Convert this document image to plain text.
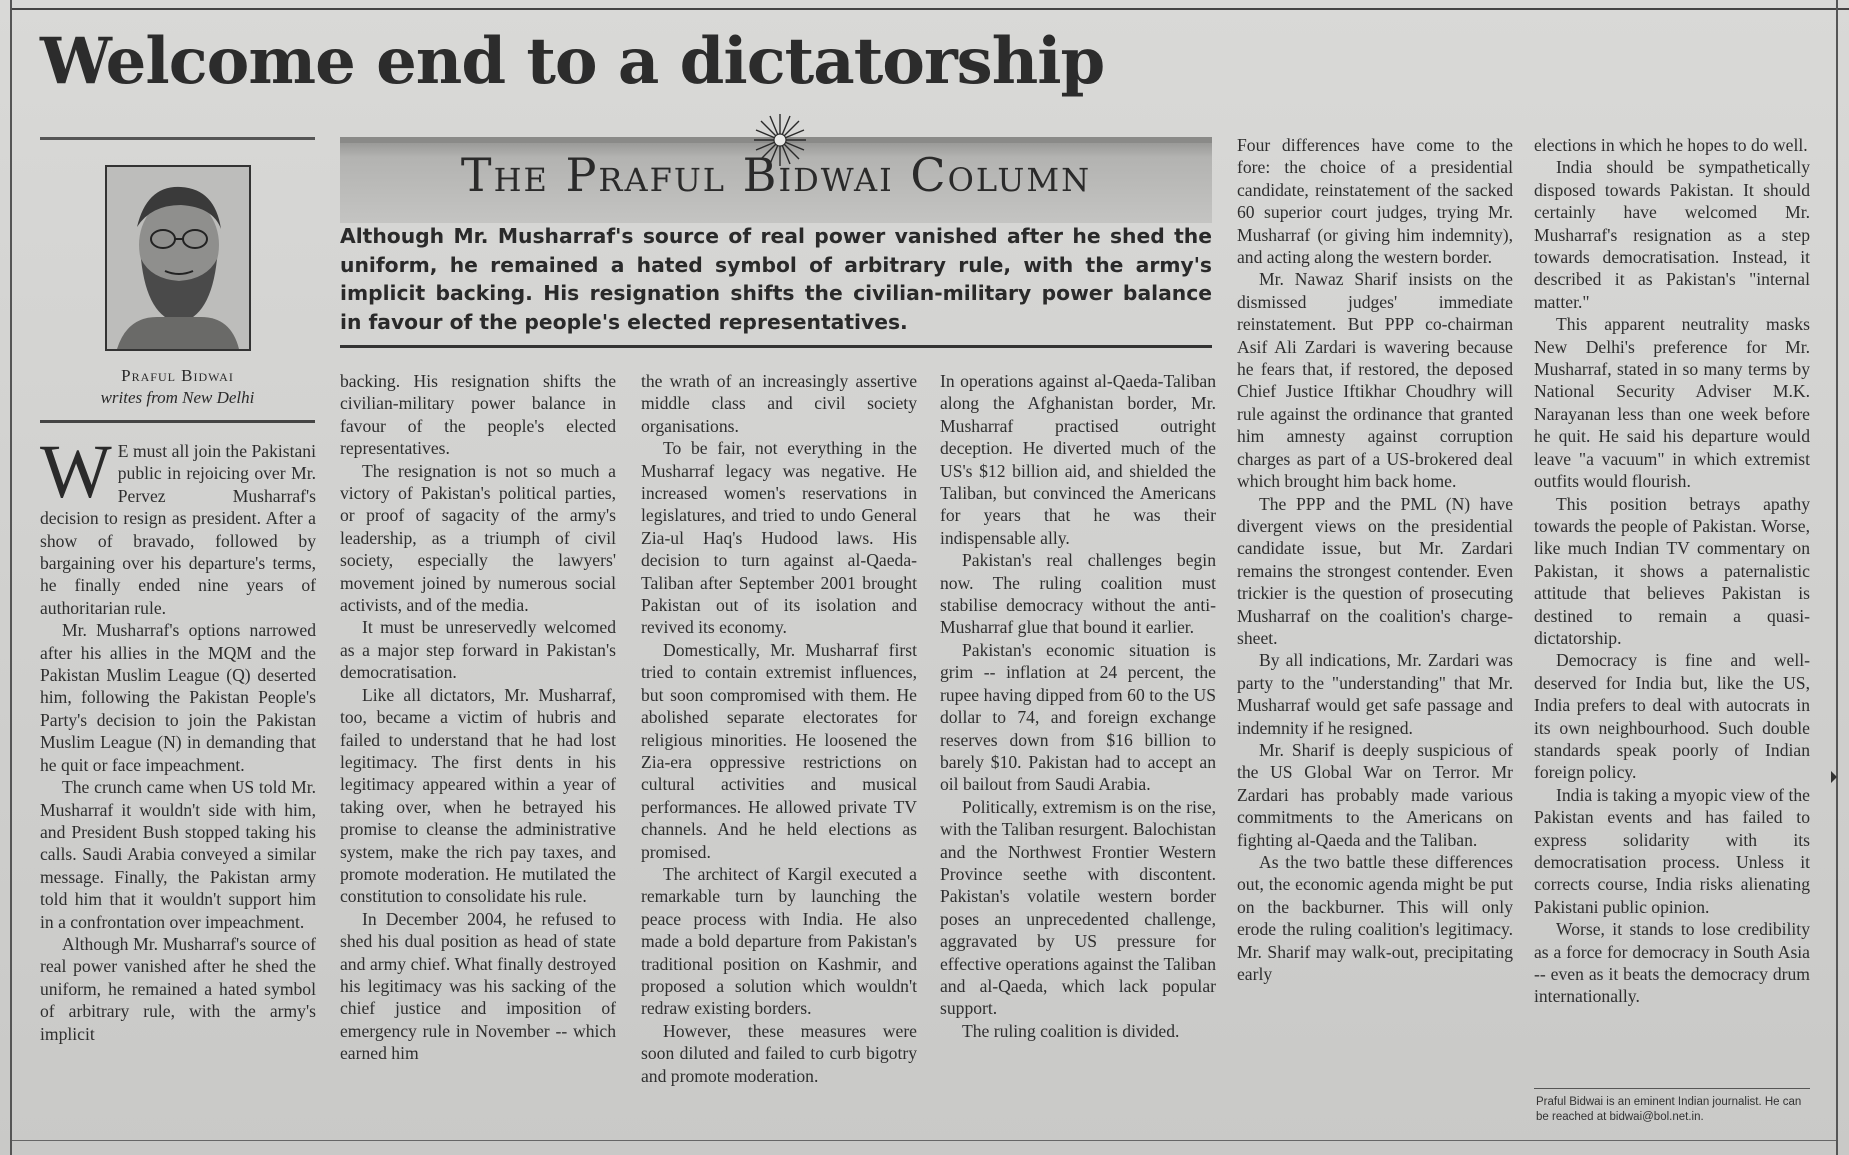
Welcome end to a dictatorship
Praful Bidwai
writes from New Delhi
The Praful Bidwai Column
Although Mr. Musharraf's source of real power vanished after he shed the uniform, he remained a hated symbol of arbitrary rule, with the army's implicit backing. His resignation shifts the civilian-military power balance in favour of the people's elected representatives.

W E must all join the Pakistani public in rejoicing over Mr. Pervez Musharraf's decision to resign as president. After a show of bravado, followed by bargaining over his departure's terms, he finally ended nine years of authoritarian rule.

Mr. Musharraf's options narrowed after his allies in the MQM and the Pakistan Muslim League (Q) deserted him, following the Pakistan People's Party's decision to join the Pakistan Muslim League (N) in demanding that he quit or face impeachment.

The crunch came when US told Mr. Musharraf it wouldn't side with him, and President Bush stopped taking his calls. Saudi Arabia conveyed a similar message. Finally, the Pakistan army told him that it wouldn't support him in a confrontation over impeachment.

Although Mr. Musharraf's source of real power vanished after he shed the uniform, he remained a hated symbol of arbitrary rule, with the army's implicit

backing. His resignation shifts the civilian-military power balance in favour of the people's elected representatives.

The resignation is not so much a victory of Pakistan's political parties, or proof of sagacity of the army's leadership, as a triumph of civil society, especially the lawyers' movement joined by numerous social activists, and of the media.

It must be unreservedly welcomed as a major step forward in Pakistan's democratisation.

Like all dictators, Mr. Musharraf, too, became a victim of hubris and failed to understand that he had lost legitimacy. The first dents in his legitimacy appeared within a year of taking over, when he betrayed his promise to cleanse the administrative system, make the rich pay taxes, and promote moderation. He mutilated the constitution to consolidate his rule.

In December 2004, he refused to shed his dual position as head of state and army chief. What finally destroyed his legitimacy was his sacking of the chief justice and imposition of emergency rule in November -- which earned him

the wrath of an increasingly assertive middle class and civil society organisations.

To be fair, not everything in the Musharraf legacy was negative. He increased women's reservations in legislatures, and tried to undo General Zia-ul Haq's Hudood laws. His decision to turn against al-Qaeda-Taliban after September 2001 brought Pakistan out of its isolation and revived its economy.

Domestically, Mr. Musharraf first tried to contain extremist influences, but soon compromised with them. He abolished separate electorates for religious minorities. He loosened the Zia-era oppressive restrictions on cultural activities and musical performances. He allowed private TV channels. And he held elections as promised.

The architect of Kargil executed a remarkable turn by launching the peace process with India. He also made a bold departure from Pakistan's traditional position on Kashmir, and proposed a solution which wouldn't redraw existing borders.

However, these measures were soon diluted and failed to curb bigotry and promote moderation.

In operations against al-Qaeda-Taliban along the Afghanistan border, Mr. Musharraf practised outright deception. He diverted much of the US's $12 billion aid, and shielded the Taliban, but convinced the Americans for years that he was their indispensable ally.

Pakistan's real challenges begin now. The ruling coalition must stabilise democracy without the anti-Musharraf glue that bound it earlier.

Pakistan's economic situation is grim -- inflation at 24 percent, the rupee having dipped from 60 to the US dollar to 74, and foreign exchange reserves down from $16 billion to barely $10. Pakistan had to accept an oil bailout from Saudi Arabia.

Politically, extremism is on the rise, with the Taliban resurgent. Balochistan and the Northwest Frontier Western Province seethe with discontent. Pakistan's volatile western border poses an unprecedented challenge, aggravated by US pressure for effective operations against the Taliban and al-Qaeda, which lack popular support.

The ruling coalition is divided.

Four differences have come to the fore: the choice of a presidential candidate, reinstatement of the sacked 60 superior court judges, trying Mr. Musharraf (or giving him indemnity), and acting along the western border.

Mr. Nawaz Sharif insists on the dismissed judges' immediate reinstatement. But PPP co-chairman Asif Ali Zardari is wavering because he fears that, if restored, the deposed Chief Justice Iftikhar Choudhry will rule against the ordinance that granted him amnesty against corruption charges as part of a US-brokered deal which brought him back home.

The PPP and the PML (N) have divergent views on the presidential candidate issue, but Mr. Zardari remains the strongest contender. Even trickier is the question of prosecuting Musharraf on the coalition's charge-sheet.

By all indications, Mr. Zardari was party to the "understanding" that Mr. Musharraf would get safe passage and indemnity if he resigned.

Mr. Sharif is deeply suspicious of the US Global War on Terror. Mr Zardari has probably made various commitments to the Americans on fighting al-Qaeda and the Taliban.

As the two battle these differences out, the economic agenda might be put on the backburner. This will only erode the ruling coalition's legitimacy. Mr. Sharif may walk-out, precipitating early

elections in which he hopes to do well.

India should be sympathetically disposed towards Pakistan. It should certainly have welcomed Mr. Musharraf's resignation as a step towards democratisation. Instead, it described it as Pakistan's "internal matter."

This apparent neutrality masks New Delhi's preference for Mr. Musharraf, stated in so many terms by National Security Adviser M.K. Narayanan less than one week before he quit. He said his departure would leave "a vacuum" in which extremist outfits would flourish.

This position betrays apathy towards the people of Pakistan. Worse, like much Indian TV commentary on Pakistan, it shows a paternalistic attitude that believes Pakistan is destined to remain a quasi-dictatorship.

Democracy is fine and well-deserved for India but, like the US, India prefers to deal with autocrats in its own neighbourhood. Such double standards speak poorly of Indian foreign policy.

India is taking a myopic view of the Pakistan events and has failed to express solidarity with its democratisation process. Unless it corrects course, India risks alienating Pakistani public opinion.

Worse, it stands to lose credibility as a force for democracy in South Asia -- even as it beats the democracy drum internationally.

Praful Bidwai is an eminent Indian journalist. He can be reached at bidwai@bol.net.in.
